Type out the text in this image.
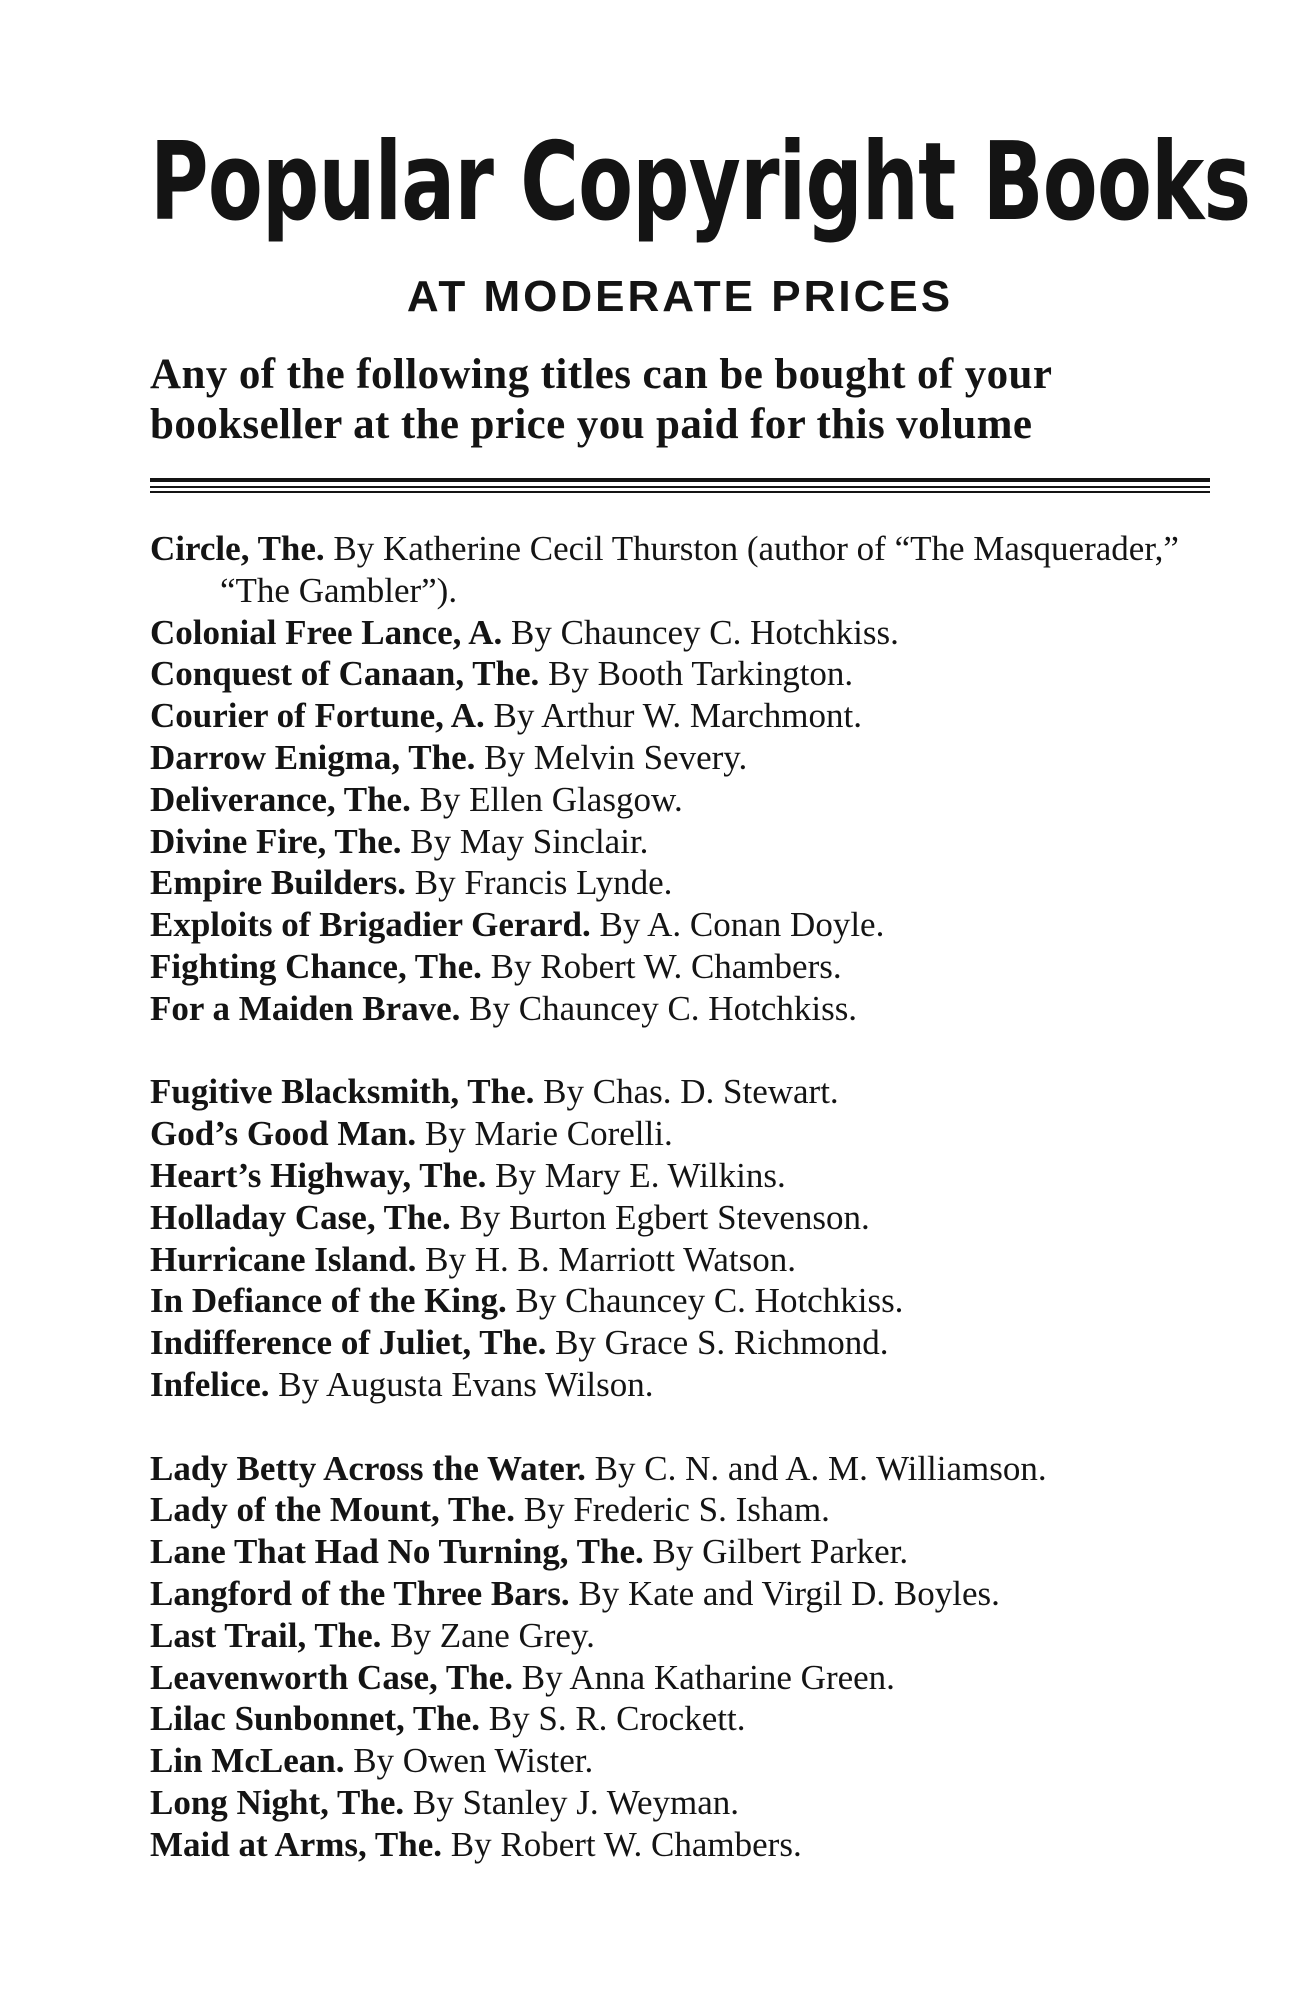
Popular Copyright Books
AT MODERATE PRICES

Any of the following titles can be bought of your bookseller at the price you paid for this volume

Circle, The. By Katherine Cecil Thurston (author of “The Masquerader,” “The Gambler”).
Colonial Free Lance, A. By Chauncey C. Hotchkiss.
Conquest of Canaan, The. By Booth Tarkington.
Courier of Fortune, A. By Arthur W. Marchmont.
Darrow Enigma, The. By Melvin Severy.
Deliverance, The. By Ellen Glasgow.
Divine Fire, The. By May Sinclair.
Empire Builders. By Francis Lynde.
Exploits of Brigadier Gerard. By A. Conan Doyle.
Fighting Chance, The. By Robert W. Chambers.
For a Maiden Brave. By Chauncey C. Hotchkiss.
Fugitive Blacksmith, The. By Chas. D. Stewart.
God’s Good Man. By Marie Corelli.
Heart’s Highway, The. By Mary E. Wilkins.
Holladay Case, The. By Burton Egbert Stevenson.
Hurricane Island. By H. B. Marriott Watson.
In Defiance of the King. By Chauncey C. Hotchkiss.
Indifference of Juliet, The. By Grace S. Richmond.
Infelice. By Augusta Evans Wilson.
Lady Betty Across the Water. By C. N. and A. M. Williamson.
Lady of the Mount, The. By Frederic S. Isham.
Lane That Had No Turning, The. By Gilbert Parker.
Langford of the Three Bars. By Kate and Virgil D. Boyles.
Last Trail, The. By Zane Grey.
Leavenworth Case, The. By Anna Katharine Green.
Lilac Sunbonnet, The. By S. R. Crockett.
Lin McLean. By Owen Wister.
Long Night, The. By Stanley J. Weyman.
Maid at Arms, The. By Robert W. Chambers.
